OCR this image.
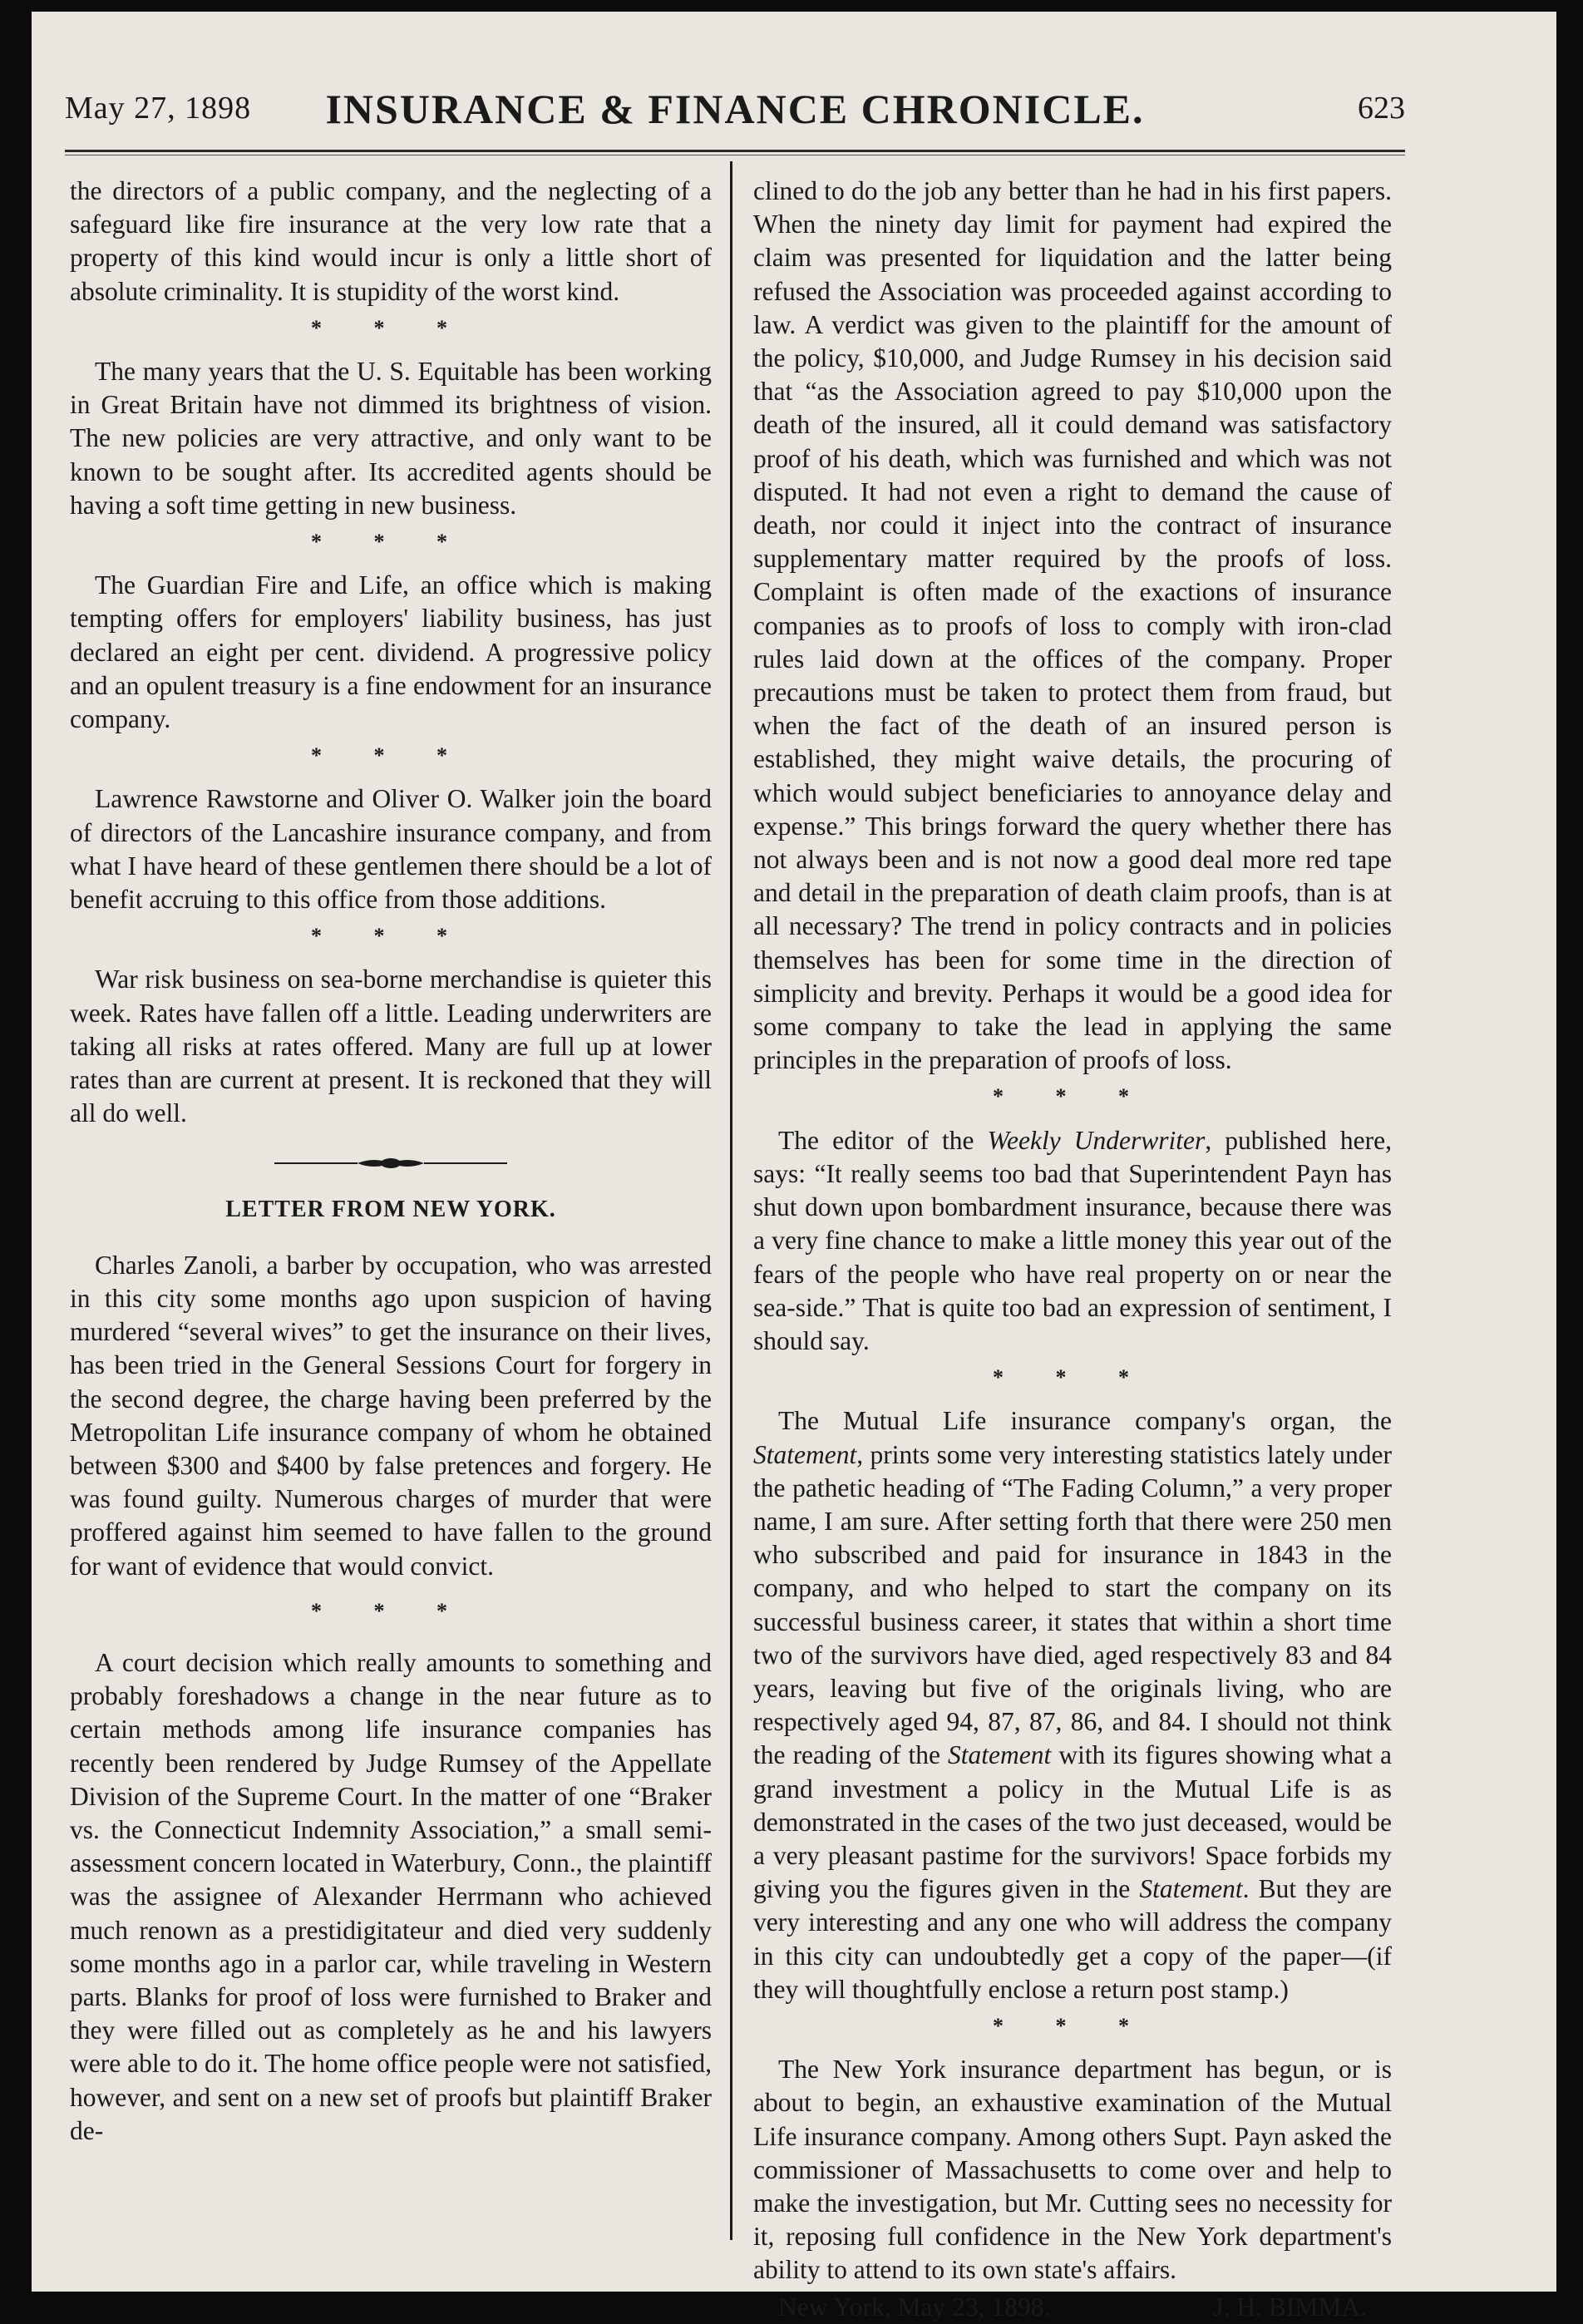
May 27, 1898	INSURANCE & FINANCE CHRONICLE.	623

the directors of a public company, and the neglecting of a safeguard like fire insurance at the very low rate that a property of this kind would incur is only a little short of absolute criminality. It is stupidity of the worst kind.

* * *

The many years that the U. S. Equitable has been working in Great Britain have not dimmed its brightness of vision. The new policies are very attractive, and only want to be known to be sought after. Its accredited agents should be having a soft time getting in new business.

* * *

The Guardian Fire and Life, an office which is making tempting offers for employers' liability business, has just declared an eight per cent. dividend. A progressive policy and an opulent treasury is a fine endowment for an insurance company.

* * *

Lawrence Rawstorne and Oliver O. Walker join the board of directors of the Lancashire insurance company, and from what I have heard of these gentlemen there should be a lot of benefit accruing to this office from those additions.

* * *

War risk business on sea-borne merchandise is quieter this week. Rates have fallen off a little. Leading underwriters are taking all risks at rates offered. Many are full up at lower rates than are current at present. It is reckoned that they will all do well.

LETTER FROM NEW YORK.

Charles Zanoli, a barber by occupation, who was arrested in this city some months ago upon suspicion of having murdered “several wives” to get the insurance on their lives, has been tried in the General Sessions Court for forgery in the second degree, the charge having been preferred by the Metropolitan Life insurance company of whom he obtained between $300 and $400 by false pretences and forgery. He was found guilty. Numerous charges of murder that were proffered against him seemed to have fallen to the ground for want of evidence that would convict.

* * *

A court decision which really amounts to something and probably foreshadows a change in the near future as to certain methods among life insurance companies has recently been rendered by Judge Rumsey of the Appellate Division of the Supreme Court. In the matter of one “Braker vs. the Connecticut Indemnity Association,” a small semi-assessment concern located in Waterbury, Conn., the plaintiff was the assignee of Alexander Herrmann who achieved much renown as a prestidigitateur and died very suddenly some months ago in a parlor car, while traveling in Western parts. Blanks for proof of loss were furnished to Braker and they were filled out as completely as he and his lawyers were able to do it. The home office people were not satisfied, however, and sent on a new set of proofs but plaintiff Braker de-

clined to do the job any better than he had in his first papers. When the ninety day limit for payment had expired the claim was presented for liquidation and the latter being refused the Association was proceeded against according to law. A verdict was given to the plaintiff for the amount of the policy, $10,000, and Judge Rumsey in his decision said that “as the Association agreed to pay $10,000 upon the death of the insured, all it could demand was satisfactory proof of his death, which was furnished and which was not disputed. It had not even a right to demand the cause of death, nor could it inject into the contract of insurance supplementary matter required by the proofs of loss. Complaint is often made of the exactions of insurance companies as to proofs of loss to comply with iron-clad rules laid down at the offices of the company. Proper precautions must be taken to protect them from fraud, but when the fact of the death of an insured person is established, they might waive details, the procuring of which would subject beneficiaries to annoyance delay and expense.” This brings forward the query whether there has not always been and is not now a good deal more red tape and detail in the preparation of death claim proofs, than is at all necessary? The trend in policy contracts and in policies themselves has been for some time in the direction of simplicity and brevity. Perhaps it would be a good idea for some company to take the lead in applying the same principles in the preparation of proofs of loss.

* * *

The editor of the Weekly Underwriter, published here, says: “It really seems too bad that Superintendent Payn has shut down upon bombardment insurance, because there was a very fine chance to make a little money this year out of the fears of the people who have real property on or near the sea-side.” That is quite too bad an expression of sentiment, I should say.

* * *

The Mutual Life insurance company's organ, the Statement, prints some very interesting statistics lately under the pathetic heading of “The Fading Column,” a very proper name, I am sure. After setting forth that there were 250 men who subscribed and paid for insurance in 1843 in the company, and who helped to start the company on its successful business career, it states that within a short time two of the survivors have died, aged respectively 83 and 84 years, leaving but five of the originals living, who are respectively aged 94, 87, 87, 86, and 84. I should not think the reading of the Statement with its figures showing what a grand investment a policy in the Mutual Life is as demonstrated in the cases of the two just deceased, would be a very pleasant pastime for the survivors! Space forbids my giving you the figures given in the Statement. But they are very interesting and any one who will address the company in this city can undoubtedly get a copy of the paper—(if they will thoughtfully enclose a return post stamp.)

* * *

The New York insurance department has begun, or is about to begin, an exhaustive examination of the Mutual Life insurance company. Among others Supt. Payn asked the commissioner of Massachusetts to come over and help to make the investigation, but Mr. Cutting sees no necessity for it, reposing full confidence in the New York department's ability to attend to its own state's affairs.

New York, May 23, 1898.	J. H. BIMMA.
